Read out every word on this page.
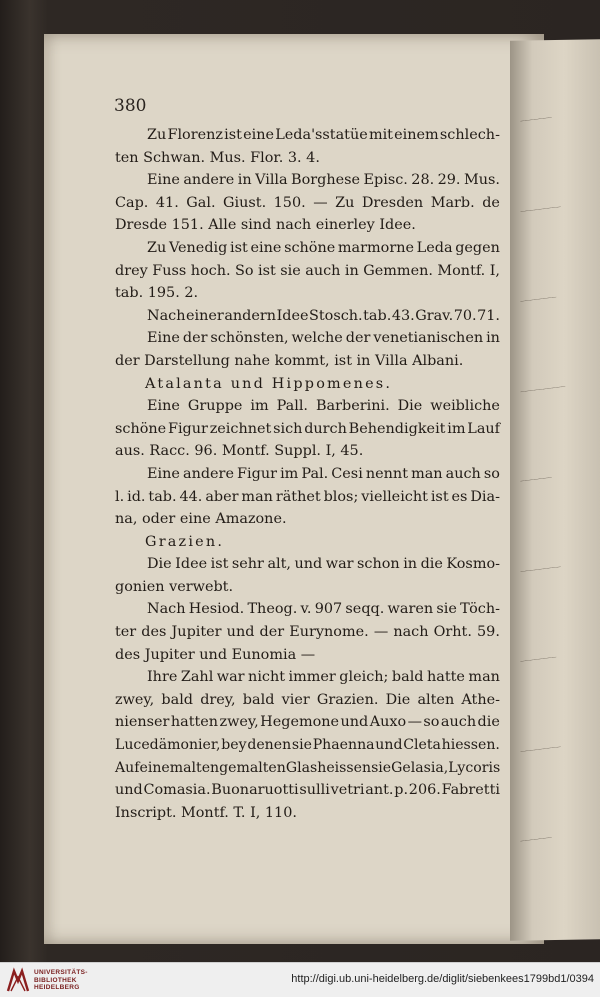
_______
_________
________
__________
_______
_________
________
_________
_______
380
Zu Florenz ist eine Leda'sstatüe mit einem schlech-
ten Schwan. Mus. Flor. 3. 4.
Eine andere in Villa Borghese Episc. 28. 29. Mus.
Cap. 41. Gal. Giust. 150. — Zu Dresden Marb. de
Dresde 151. Alle sind nach einerley Idee.
Zu Venedig ist eine schöne marmorne Leda gegen
drey Fuss hoch. So ist sie auch in Gemmen. Montf. I,
tab. 195. 2.
Nach einer andern Idee Stosch. tab. 43. Grav. 70. 71.
Eine der schönsten, welche der venetianischen in
der Darstellung nahe kommt, ist in Villa Albani.
Atalanta und Hippomenes.
Eine Gruppe im Pall. Barberini. Die weibliche
schöne Figur zeichnet sich durch Behendigkeit im Lauf
aus. Racc. 96. Montf. Suppl. I, 45.
Eine andere Figur im Pal. Cesi nennt man auch so
l. id. tab. 44. aber man räthet blos; vielleicht ist es Dia-
na, oder eine Amazone.
Grazien.
Die Idee ist sehr alt, und war schon in die Kosmo-
gonien verwebt.
Nach Hesiod. Theog. v. 907 seqq. waren sie Töch-
ter des Jupiter und der Eurynome. — nach Orht. 59.
des Jupiter und Eunomia —
Ihre Zahl war nicht immer gleich; bald hatte man
zwey, bald drey, bald vier Grazien. Die alten Athe-
nienser hatten zwey, Hegemone und Auxo — so auch die
Lucedämonier, bey denen sie Phaenna und Cleta hiessen.
Auf einem alten gemalten Glas heissen sie Gelasia, Lycoris
und Comasia. Buonaruotti sulli vetri ant. p. 206. Fabretti
Inscript. Montf. T. I, 110.
UNIVERSITÄTS-
BIBLIOTHEK
HEIDELBERG
http://digi.ub.uni-heidelberg.de/diglit/siebenkees1799bd1/0394
